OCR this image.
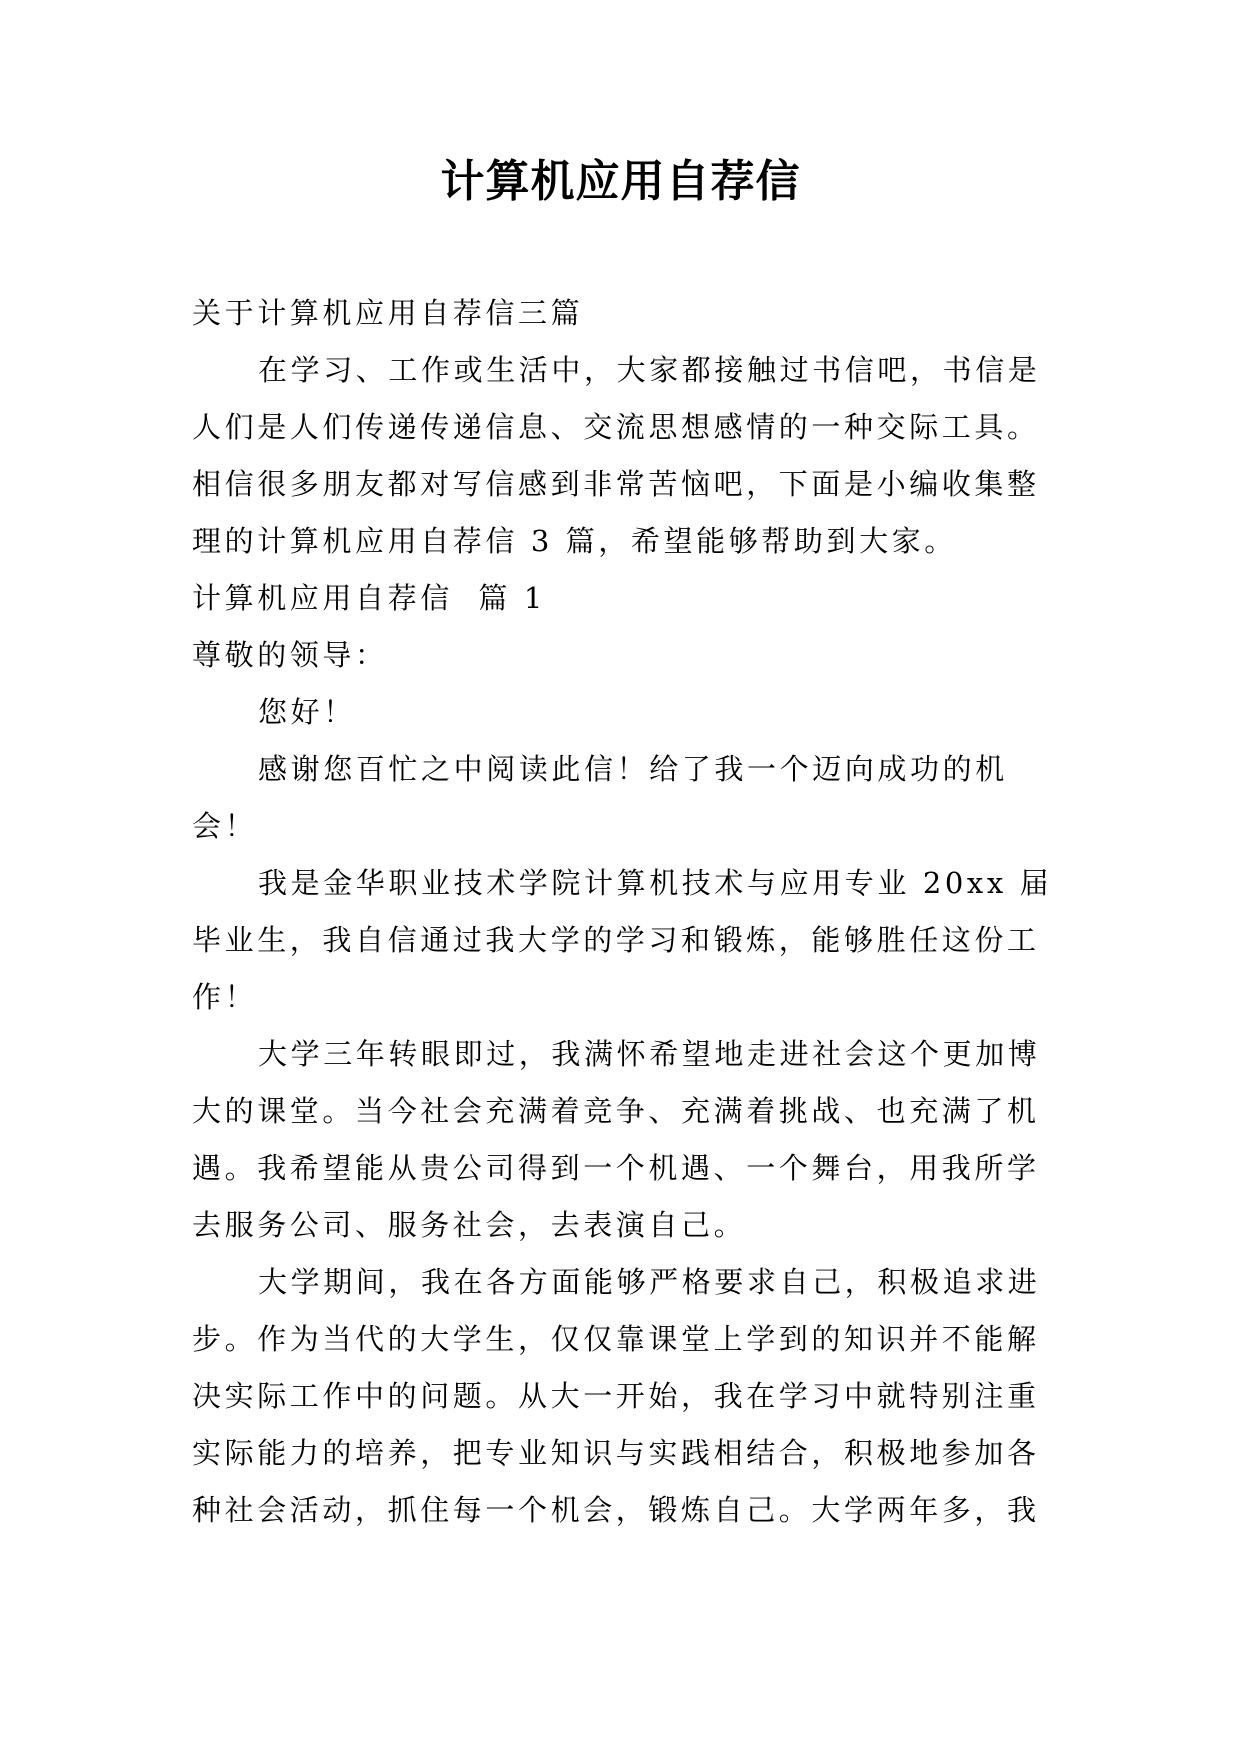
计算机应用自荐信
关于计算机应用自荐信三篇
在学习、工作或生活中，大家都接触过书信吧，书信是
人们是人们传递传递信息、交流思想感情的一种交际工具。
相信很多朋友都对写信感到非常苦恼吧，下面是小编收集整
理的计算机应用自荐信 3 篇，希望能够帮助到大家。
计算机应用自荐信  篇 1
尊敬的领导：
您好！
感谢您百忙之中阅读此信！给了我一个迈向成功的机
会！
我是金华职业技术学院计算机技术与应用专业 20xx 届
毕业生，我自信通过我大学的学习和锻炼，能够胜任这份工
作！
大学三年转眼即过，我满怀希望地走进社会这个更加博
大的课堂。当今社会充满着竞争、充满着挑战、也充满了机
遇。我希望能从贵公司得到一个机遇、一个舞台，用我所学
去服务公司、服务社会，去表演自己。
大学期间，我在各方面能够严格要求自己，积极追求进
步。作为当代的大学生，仅仅靠课堂上学到的知识并不能解
决实际工作中的问题。从大一开始，我在学习中就特别注重
实际能力的培养，把专业知识与实践相结合，积极地参加各
种社会活动，抓住每一个机会，锻炼自己。大学两年多，我
